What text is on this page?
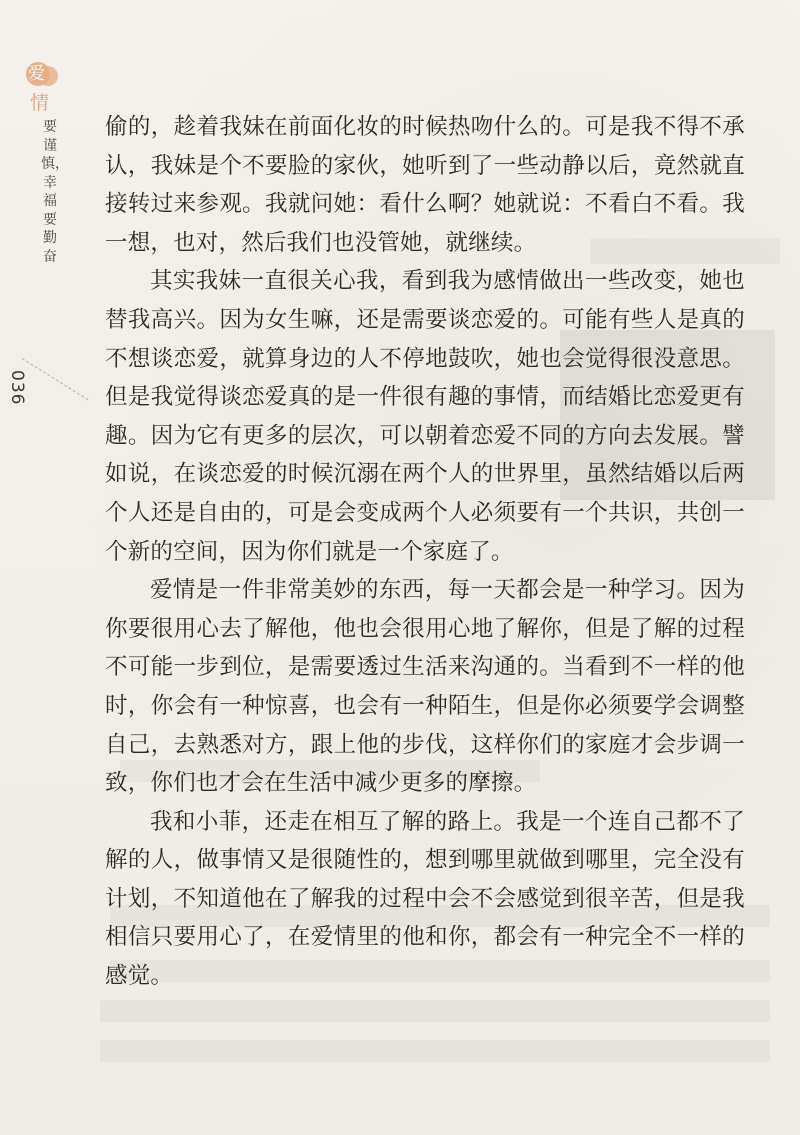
爱
情
要谨慎，幸福要勤奋
036

偷的，趁着我妹在前面化妆的时候热吻什么的。可是我不得不承认，我妹是个不要脸的家伙，她听到了一些动静以后，竟然就直接转过来参观。我就问她：看什么啊？她就说：不看白不看。我一想，也对，然后我们也没管她，就继续。

其实我妹一直很关心我，看到我为感情做出一些改变，她也替我高兴。因为女生嘛，还是需要谈恋爱的。可能有些人是真的不想谈恋爱，就算身边的人不停地鼓吹，她也会觉得很没意思。但是我觉得谈恋爱真的是一件很有趣的事情，而结婚比恋爱更有趣。因为它有更多的层次，可以朝着恋爱不同的方向去发展。譬如说，在谈恋爱的时候沉溺在两个人的世界里，虽然结婚以后两个人还是自由的，可是会变成两个人必须要有一个共识，共创一个新的空间，因为你们就是一个家庭了。

爱情是一件非常美妙的东西，每一天都会是一种学习。因为你要很用心去了解他，他也会很用心地了解你，但是了解的过程不可能一步到位，是需要透过生活来沟通的。当看到不一样的他时，你会有一种惊喜，也会有一种陌生，但是你必须要学会调整自己，去熟悉对方，跟上他的步伐，这样你们的家庭才会步调一致，你们也才会在生活中减少更多的摩擦。

我和小菲，还走在相互了解的路上。我是一个连自己都不了解的人，做事情又是很随性的，想到哪里就做到哪里，完全没有计划，不知道他在了解我的过程中会不会感觉到很辛苦，但是我相信只要用心了，在爱情里的他和你，都会有一种完全不一样的感觉。
